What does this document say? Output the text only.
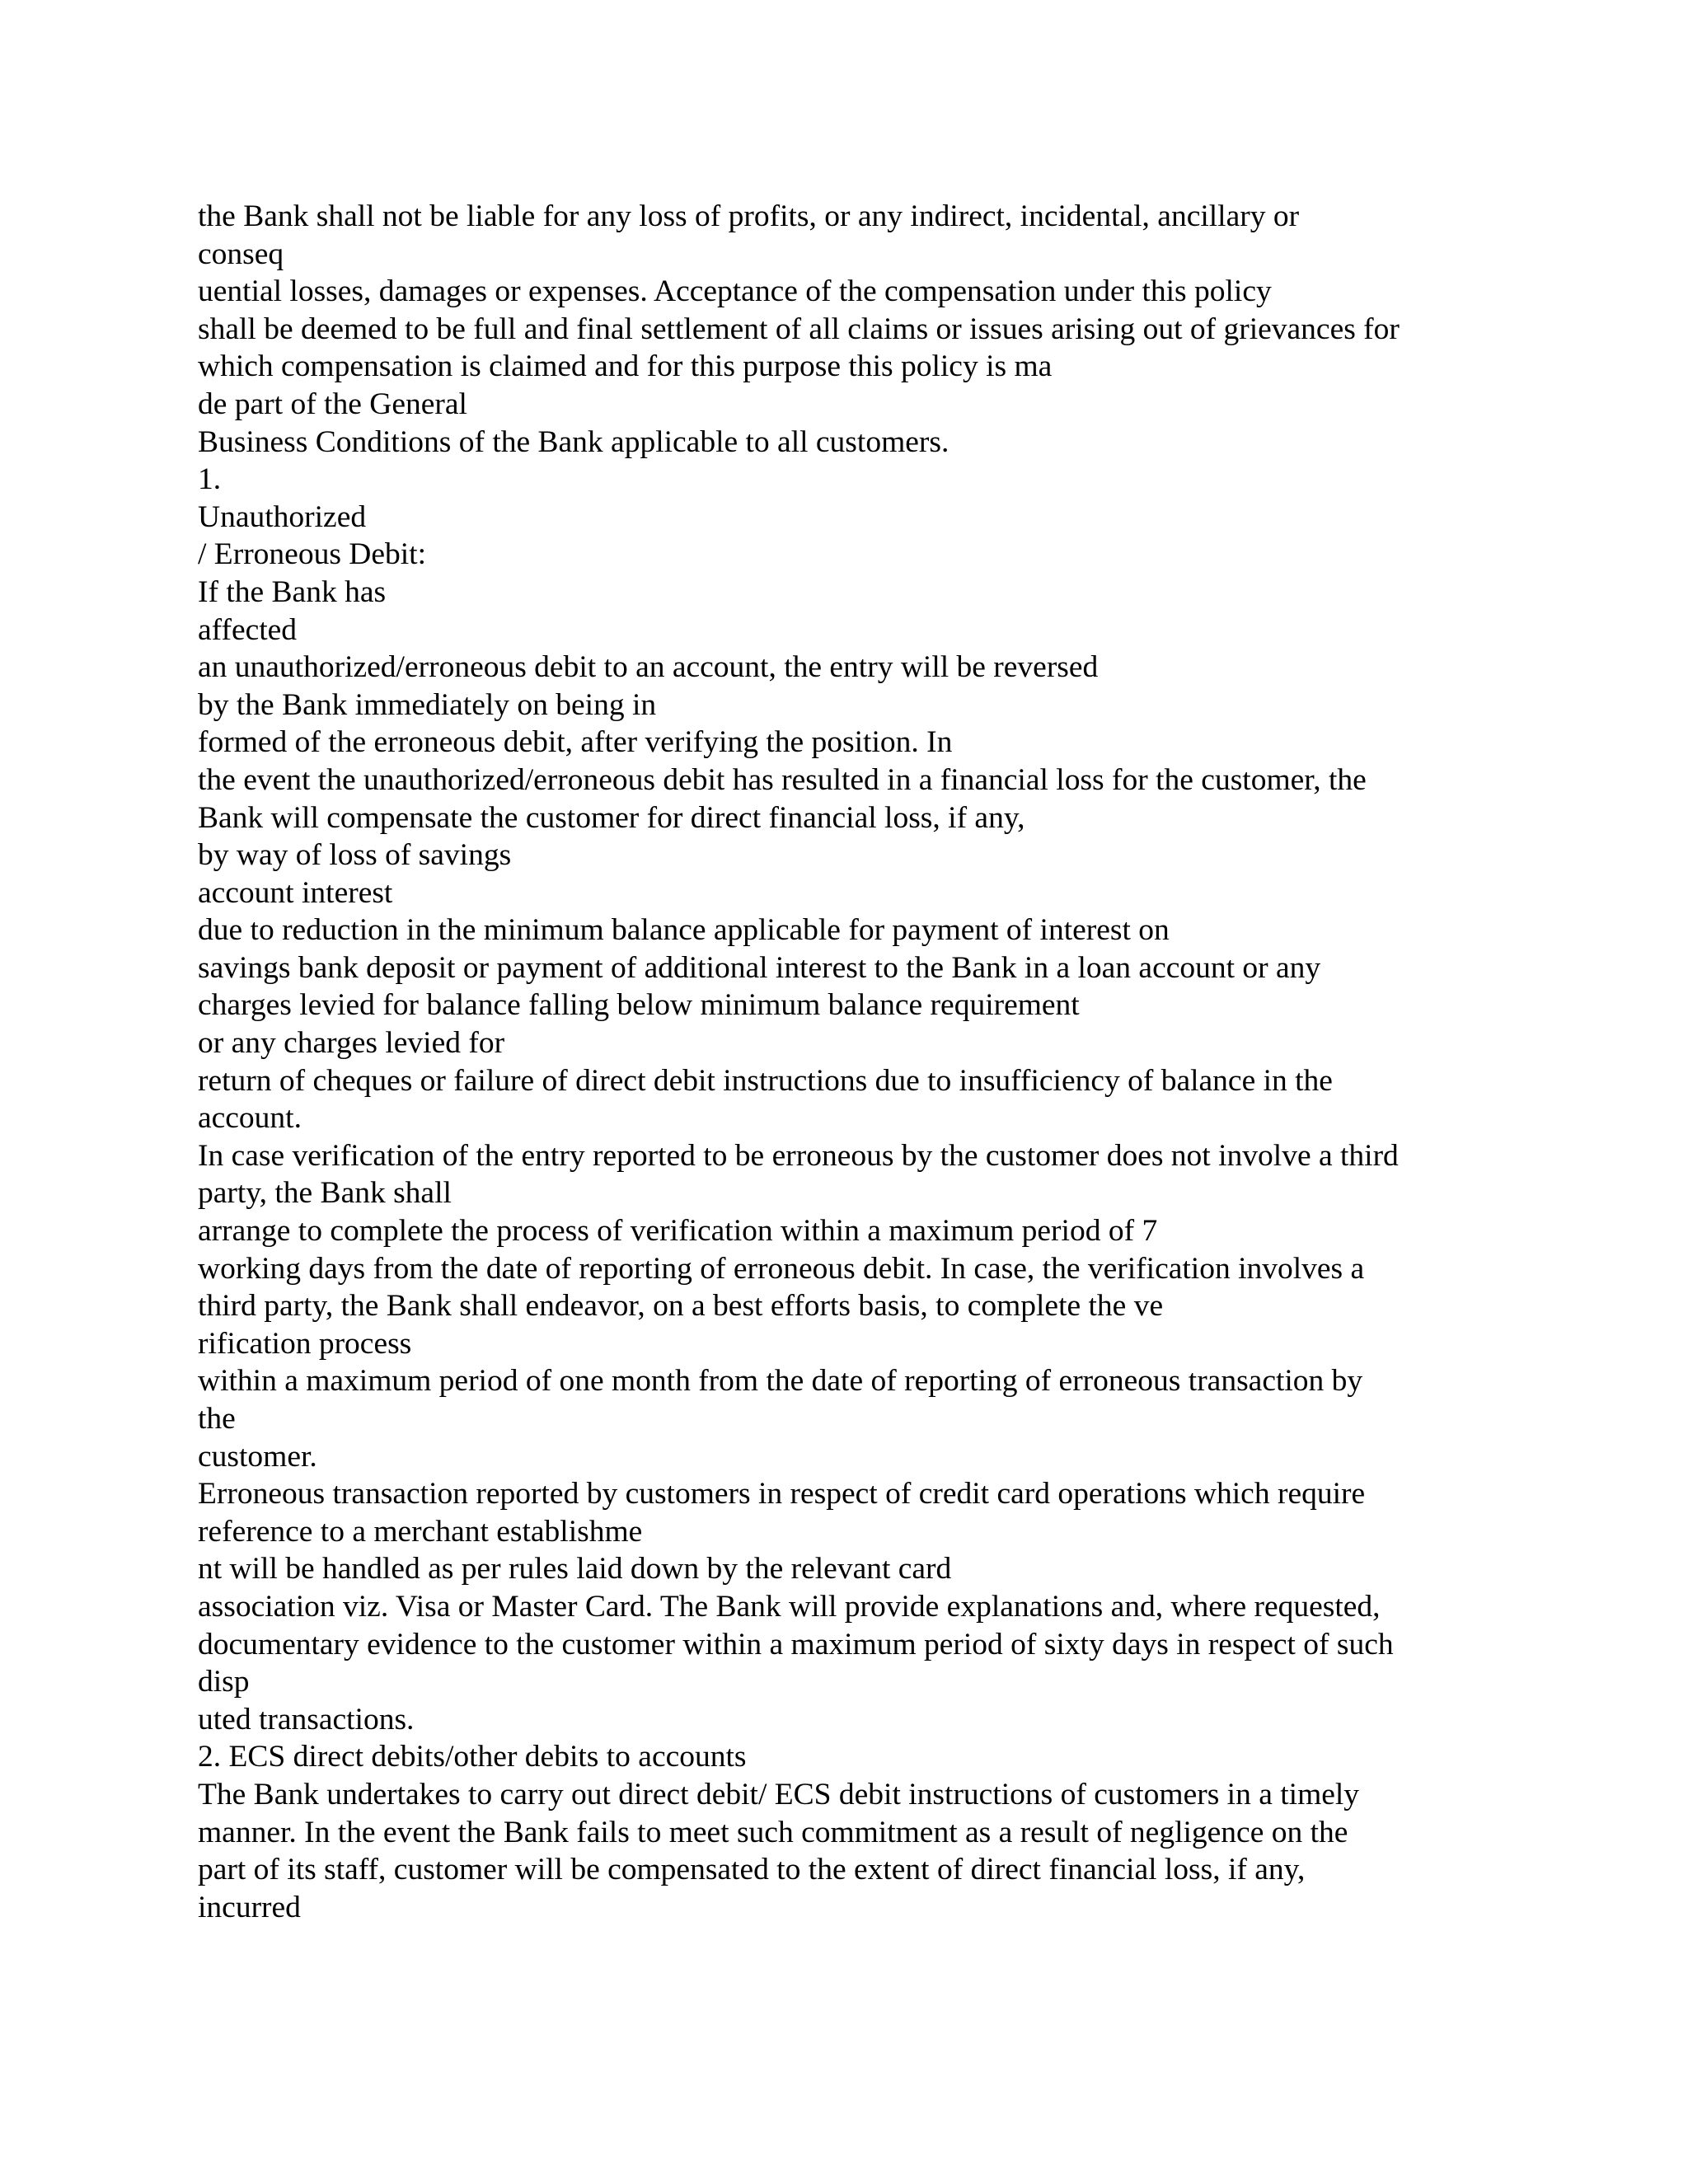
the Bank shall not be liable for any loss of profits, or any indirect, incidental, ancillary or
conseq
uential losses, damages or expenses. Acceptance of the compensation under this policy
shall be deemed to be full and final settlement of all claims or issues arising out of grievances for
which compensation is claimed and for this purpose this policy is ma
de part of the General
Business Conditions of the Bank applicable to all customers.
1.
Unauthorized
/ Erroneous Debit:
If the Bank has
affected
an unauthorized/erroneous debit to an account, the entry will be reversed
by the Bank immediately on being in
formed of the erroneous debit, after verifying the position. In
the event the unauthorized/erroneous debit has resulted in a financial loss for the customer, the
Bank will compensate the customer for direct financial loss, if any,
by way of loss of savings
account interest
due to reduction in the minimum balance applicable for payment of interest on
savings bank deposit or payment of additional interest to the Bank in a loan account or any
charges levied for balance falling below minimum balance requirement
or any charges levied for
return of cheques or failure of direct debit instructions due to insufficiency of balance in the
account.
In case verification of the entry reported to be erroneous by the customer does not involve a third
party, the Bank shall
arrange to complete the process of verification within a maximum period of 7
working days from the date of reporting of erroneous debit. In case, the verification involves a
third party, the Bank shall endeavor, on a best efforts basis, to complete the ve
rification process
within a maximum period of one month from the date of reporting of erroneous transaction by
the
customer.
Erroneous transaction reported by customers in respect of credit card operations which require
reference to a merchant establishme
nt will be handled as per rules laid down by the relevant card
association viz. Visa or Master Card. The Bank will provide explanations and, where requested,
documentary evidence to the customer within a maximum period of sixty days in respect of such
disp
uted transactions.
2. ECS direct debits/other debits to accounts
The Bank undertakes to carry out direct debit/ ECS debit instructions of customers in a timely
manner. In the event the Bank fails to meet such commitment as a result of negligence on the
part of its staff, customer will be compensated to the extent of direct financial loss, if any,
incurred
